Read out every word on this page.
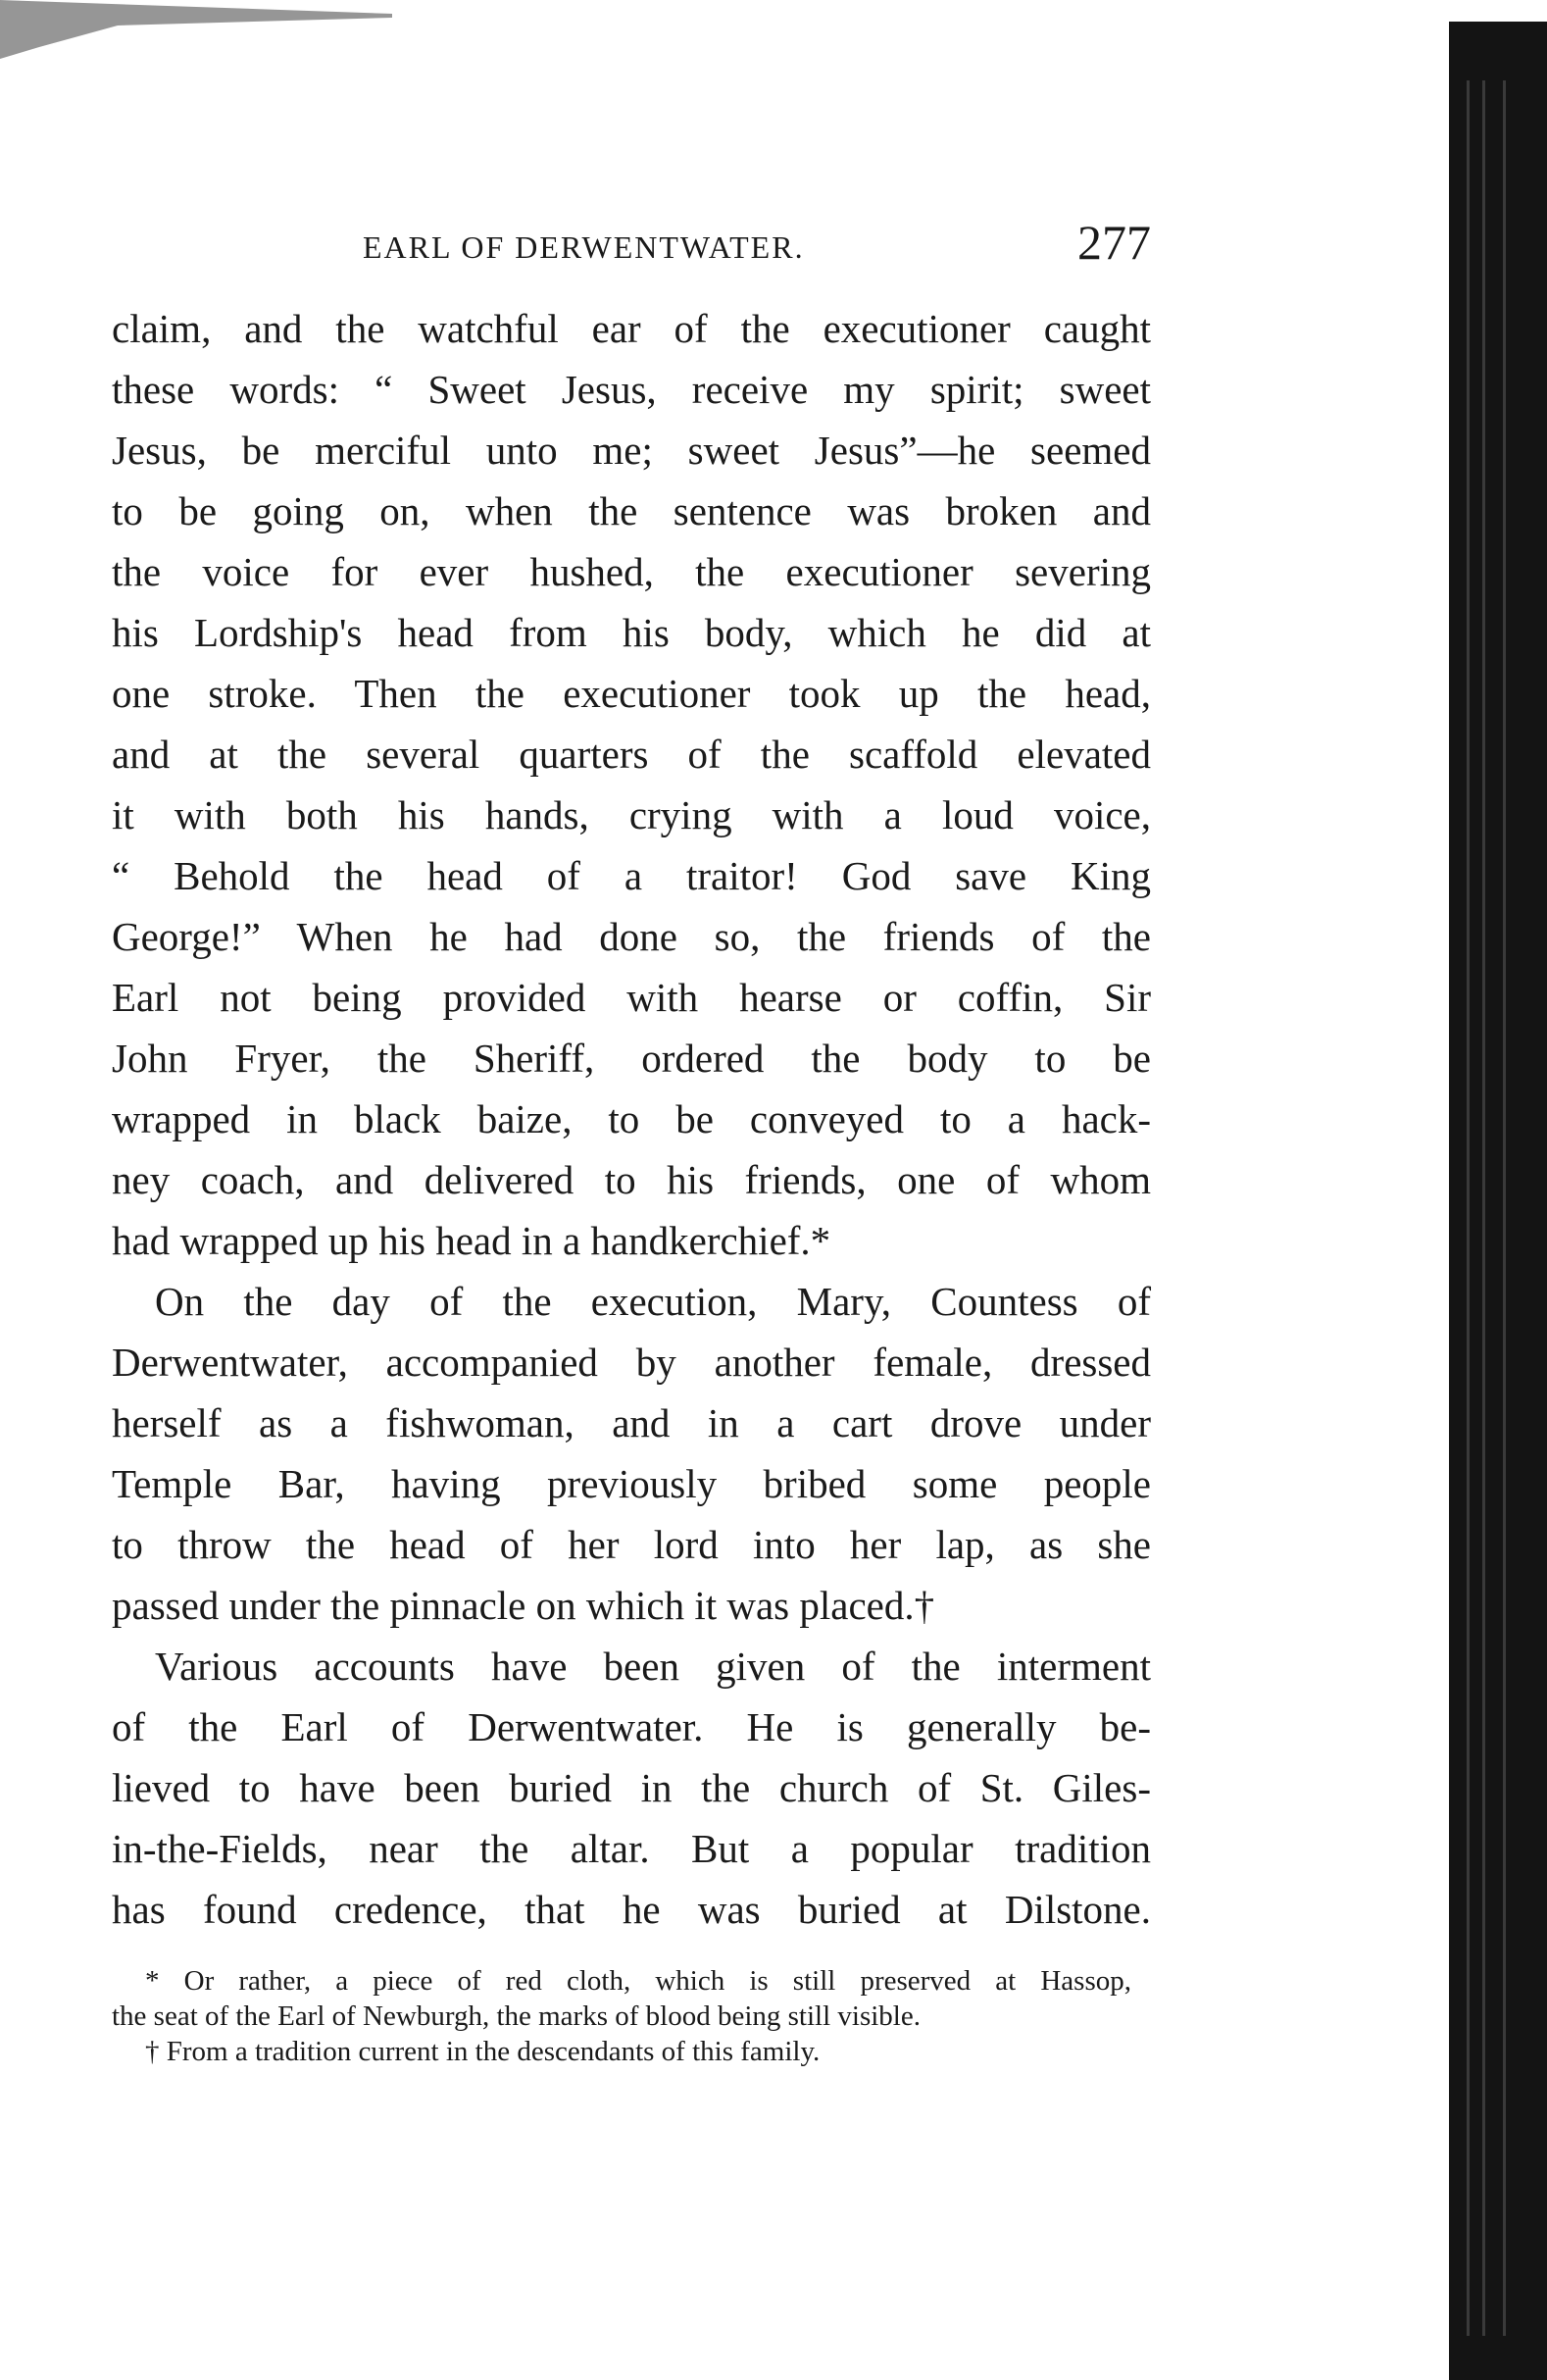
EARL OF DERWENTWATER.	277
claim, and the watchful ear of the executioner caught
these words: “ Sweet Jesus, receive my spirit; sweet
Jesus, be merciful unto me; sweet Jesus”—he seemed
to be going on, when the sentence was broken and
the voice for ever hushed, the executioner severing
his Lordship's head from his body, which he did at
one stroke. Then the executioner took up the head,
and at the several quarters of the scaffold elevated
it with both his hands, crying with a loud voice,
“ Behold the head of a traitor! God save King
George!” When he had done so, the friends of the
Earl not being provided with hearse or coffin, Sir
John Fryer, the Sheriff, ordered the body to be
wrapped in black baize, to be conveyed to a hack-
ney coach, and delivered to his friends, one of whom
had wrapped up his head in a handkerchief.*
On the day of the execution, Mary, Countess of
Derwentwater, accompanied by another female, dressed
herself as a fishwoman, and in a cart drove under
Temple Bar, having previously bribed some people
to throw the head of her lord into her lap, as she
passed under the pinnacle on which it was placed.†
Various accounts have been given of the interment
of the Earl of Derwentwater. He is generally be-
lieved to have been buried in the church of St. Giles-
in-the-Fields, near the altar. But a popular tradition
has found credence, that he was buried at Dilstone.
* Or rather, a piece of red cloth, which is still preserved at Hassop,
the seat of the Earl of Newburgh, the marks of blood being still visible.
† From a tradition current in the descendants of this family.
